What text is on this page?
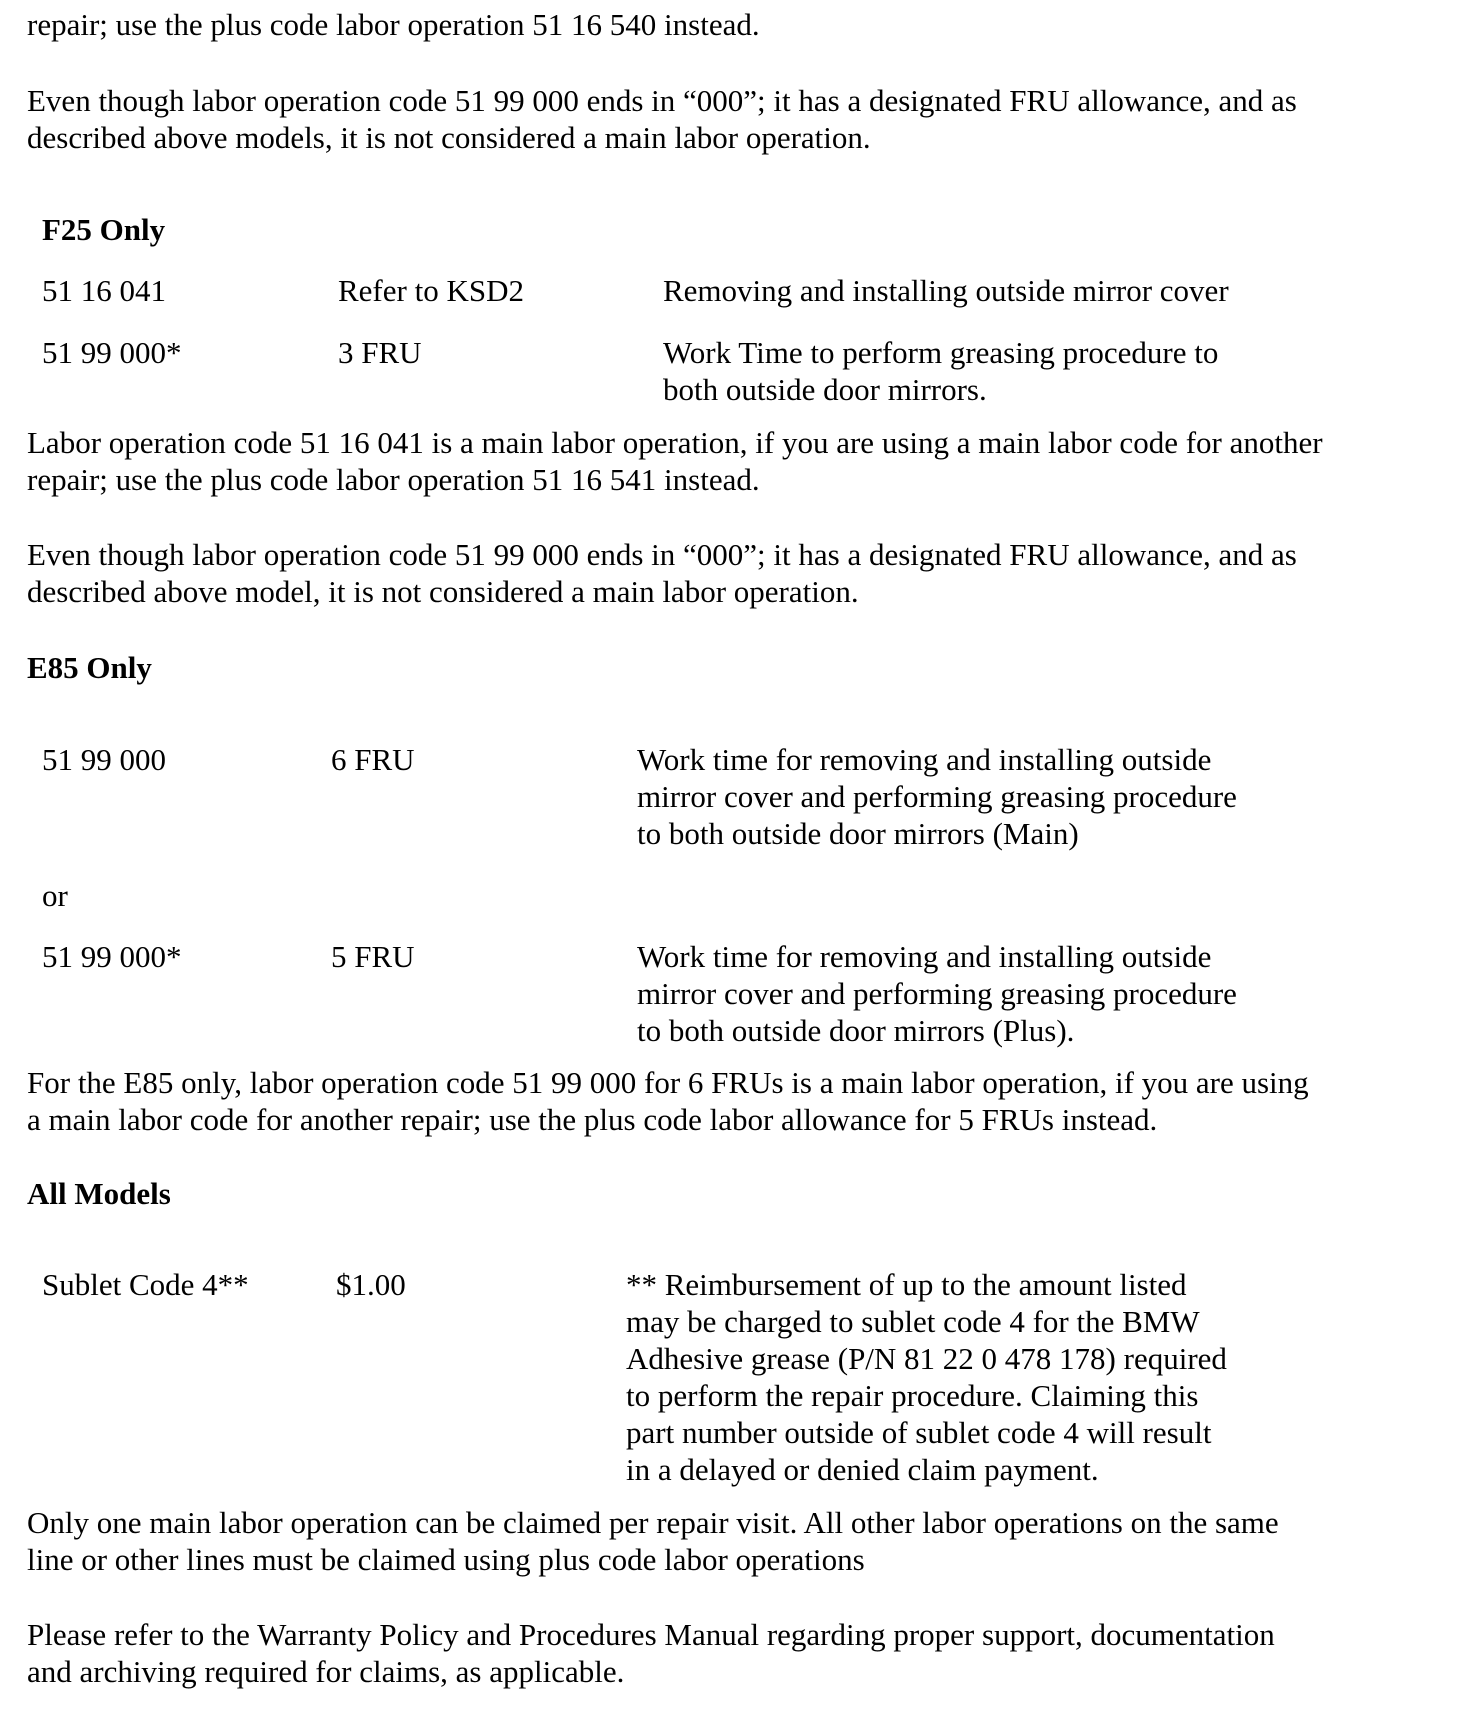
repair; use the plus code labor operation 51 16 540 instead.
Even though labor operation code 51 99 000 ends in “000”; it has a designated FRU allowance, and as
described above models, it is not considered a main labor operation.
F25 Only
51 16 041	Refer to KSD2	Removing and installing outside mirror cover
51 99 000*	3 FRU	Work Time to perform greasing procedure to
both outside door mirrors.
Labor operation code 51 16 041 is a main labor operation, if you are using a main labor code for another
repair; use the plus code labor operation 51 16 541 instead.
Even though labor operation code 51 99 000 ends in “000”; it has a designated FRU allowance, and as
described above model, it is not considered a main labor operation.
E85 Only
51 99 000	6 FRU	Work time for removing and installing outside
mirror cover and performing greasing procedure
to both outside door mirrors (Main)
or
51 99 000*	5 FRU	Work time for removing and installing outside
mirror cover and performing greasing procedure
to both outside door mirrors (Plus).
For the E85 only, labor operation code 51 99 000 for 6 FRUs is a main labor operation, if you are using
a main labor code for another repair; use the plus code labor allowance for 5 FRUs instead.
All Models
Sublet Code 4**	$1.00	** Reimbursement of up to the amount listed
may be charged to sublet code 4 for the BMW
Adhesive grease (P/N 81 22 0 478 178) required
to perform the repair procedure. Claiming this
part number outside of sublet code 4 will result
in a delayed or denied claim payment.
Only one main labor operation can be claimed per repair visit. All other labor operations on the same
line or other lines must be claimed using plus code labor operations
Please refer to the Warranty Policy and Procedures Manual regarding proper support, documentation
and archiving required for claims, as applicable.
